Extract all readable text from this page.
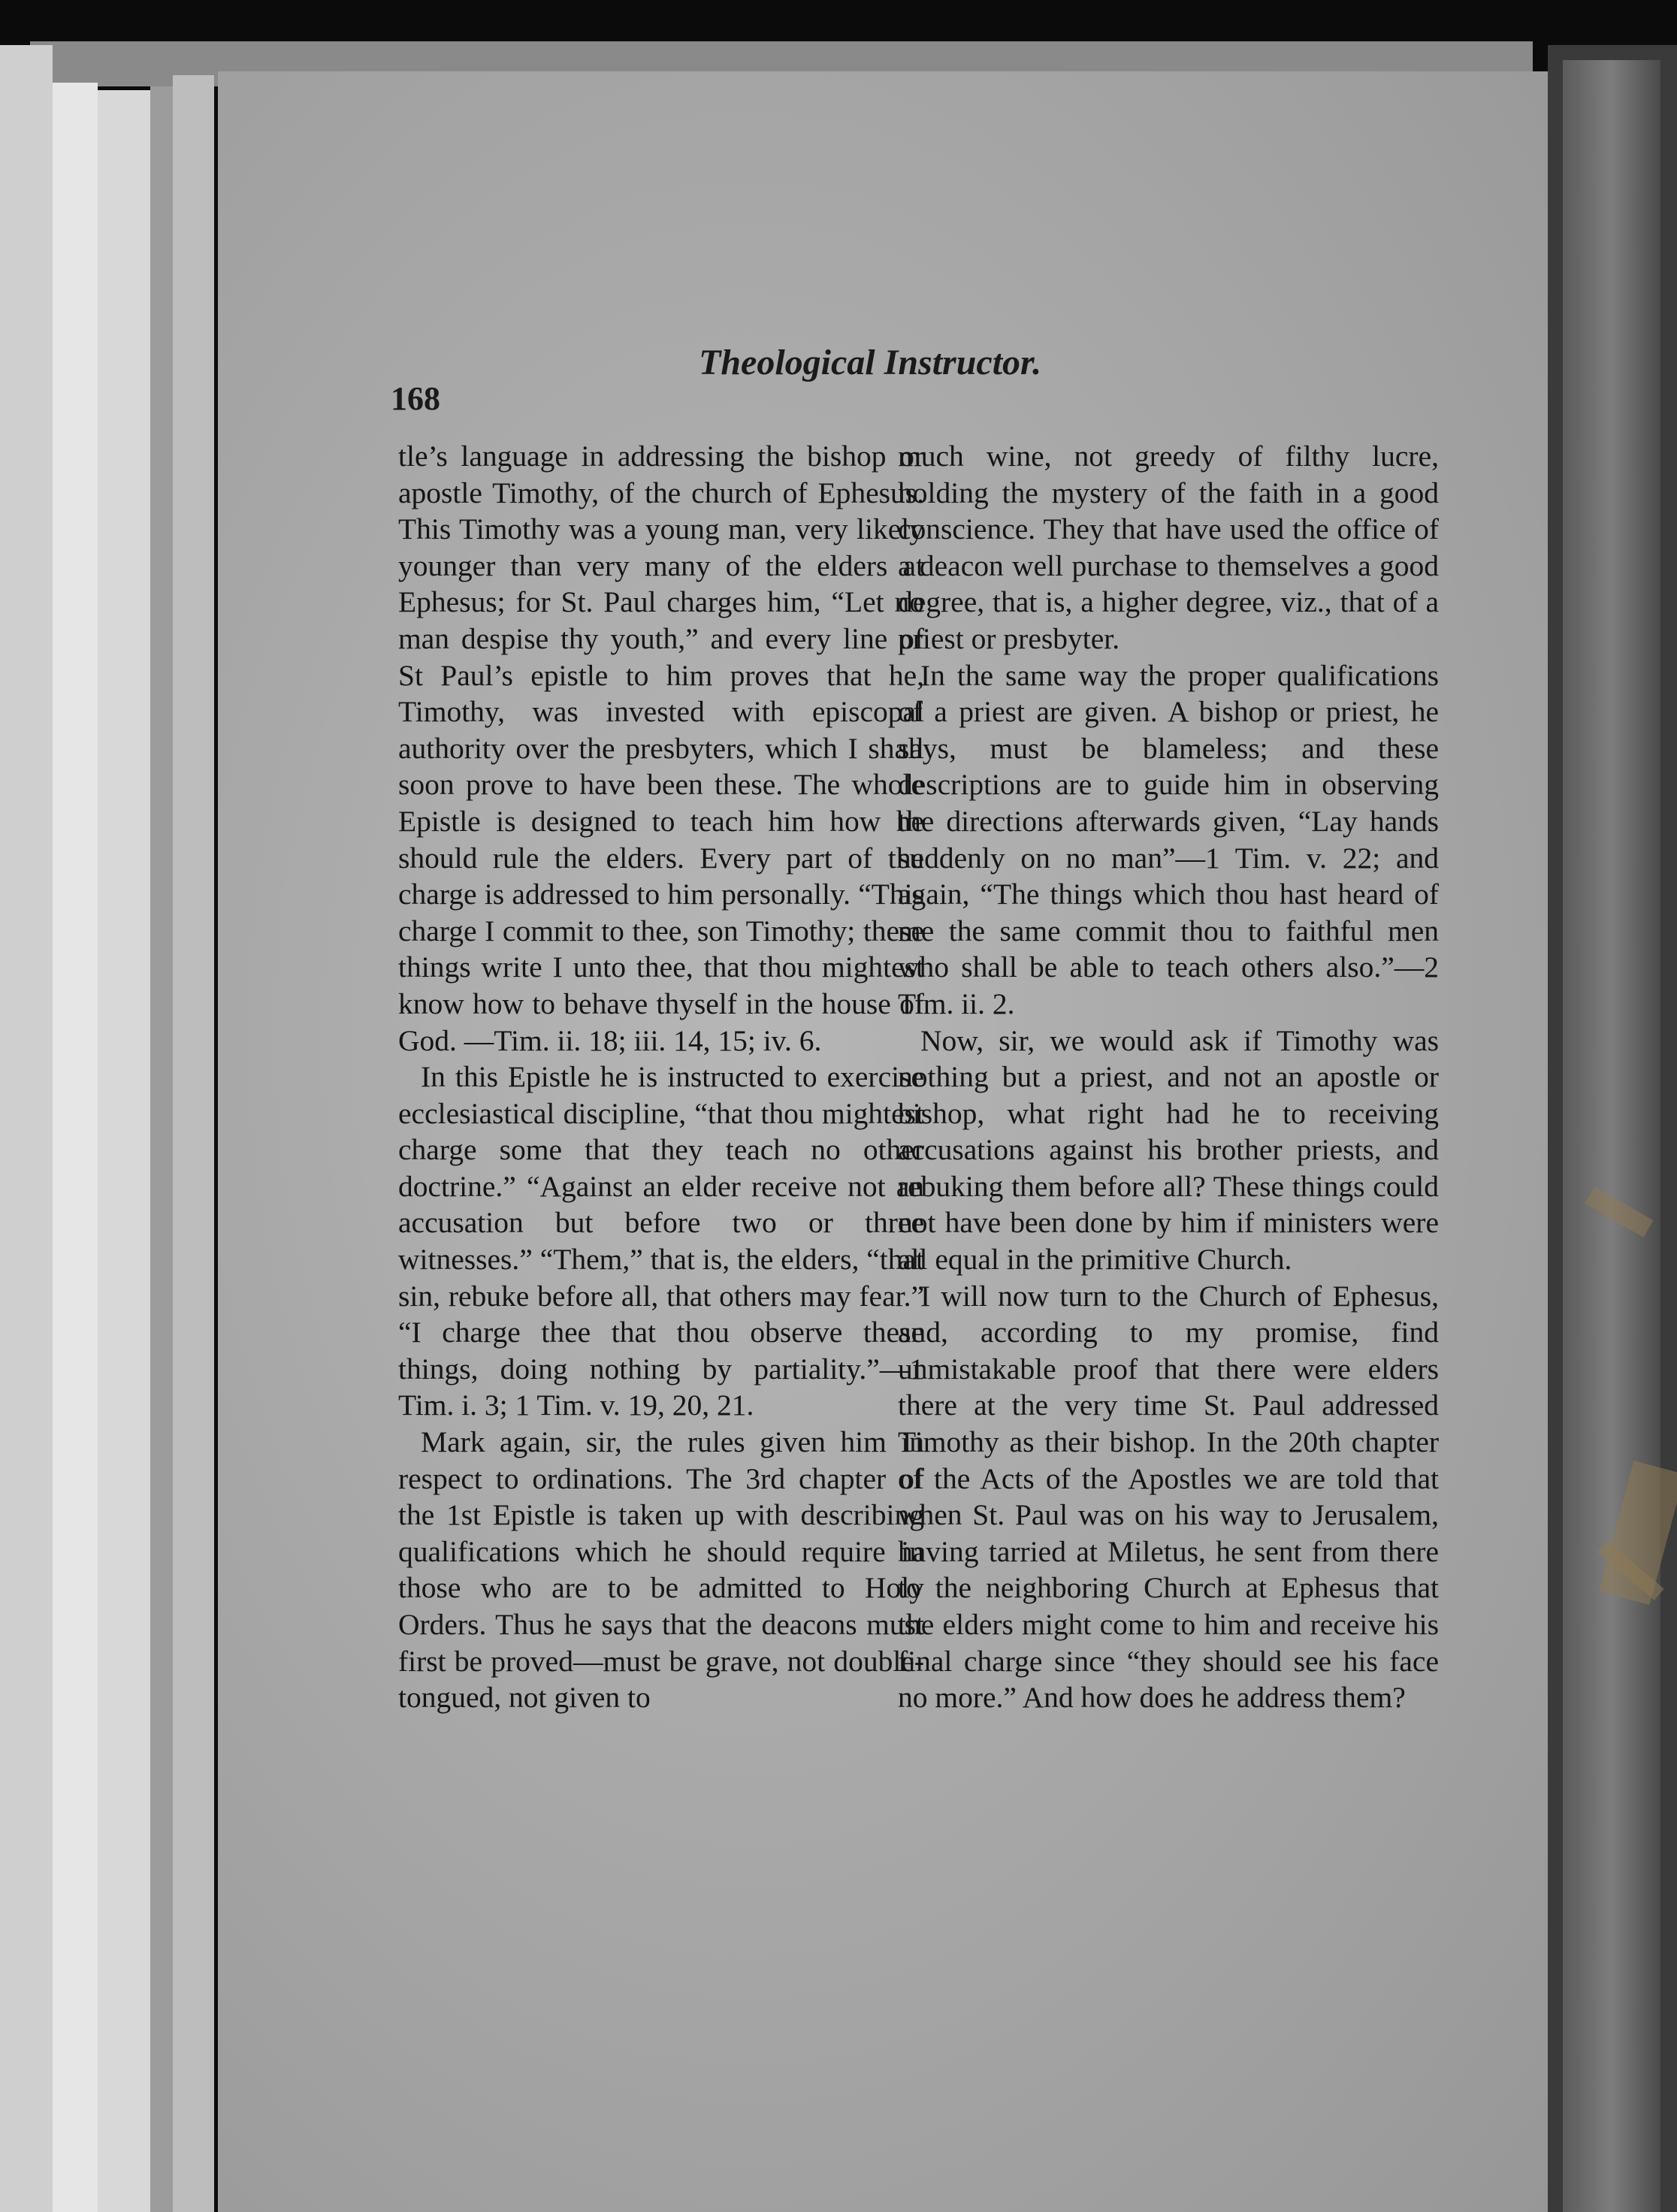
168
Theological Instructor.

tle’s language in addressing the bishop or apostle Timothy, of the church of Ephesus. This Timothy was a young man, very likely younger than very many of the elders at Ephesus; for St. Paul charges him, “Let no man despise thy youth,” and every line of St Paul’s epistle to him proves that he, Timothy, was invested with episcopal authority over the presbyters, which I shall soon prove to have been these. The whole Epistle is designed to teach him how he should rule the elders. Every part of the charge is addressed to him personally. “This charge I commit to thee, son Timothy; these things write I unto thee, that thou mightest know how to behave thyself in the house of God. —Tim. ii. 18; iii. 14, 15; iv. 6.

In this Epistle he is instructed to exercise ecclesiastical discipline, “that thou mightest charge some that they teach no other doctrine.” “Against an elder receive not an accusation but before two or three witnesses.” “Them,” that is, the elders, “that sin, rebuke before all, that others may fear.” “I charge thee that thou observe these things, doing nothing by partiality.”—1 Tim. i. 3; 1 Tim. v. 19, 20, 21.

Mark again, sir, the rules given him in respect to ordinations. The 3rd chapter of the 1st Epistle is taken up with describing qualifications which he should require in those who are to be admitted to Holy Orders. Thus he says that the deacons must first be proved—must be grave, not double-tongued, not given to

much wine, not greedy of filthy lucre, holding the mystery of the faith in a good conscience. They that have used the office of a deacon well purchase to themselves a good degree, that is, a higher degree, viz., that of a priest or presbyter.

In the same way the proper qualifications of a priest are given. A bishop or priest, he says, must be blameless; and these descriptions are to guide him in observing the directions afterwards given, “Lay hands suddenly on no man”—1 Tim. v. 22; and again, “The things which thou hast heard of me the same commit thou to faithful men who shall be able to teach others also.”—2 Tim. ii. 2.

Now, sir, we would ask if Timothy was nothing but a priest, and not an apostle or bishop, what right had he to receiving accusations against his brother priests, and rebuking them before all? These things could not have been done by him if ministers were all equal in the primitive Church.

I will now turn to the Church of Ephesus, and, according to my promise, find unmistakable proof that there were elders there at the very time St. Paul addressed Timothy as their bishop. In the 20th chapter of the Acts of the Apostles we are told that when St. Paul was on his way to Jerusalem, having tarried at Miletus, he sent from there to the neighboring Church at Ephesus that the elders might come to him and receive his final charge since “they should see his face no more.” And how does he address them?
